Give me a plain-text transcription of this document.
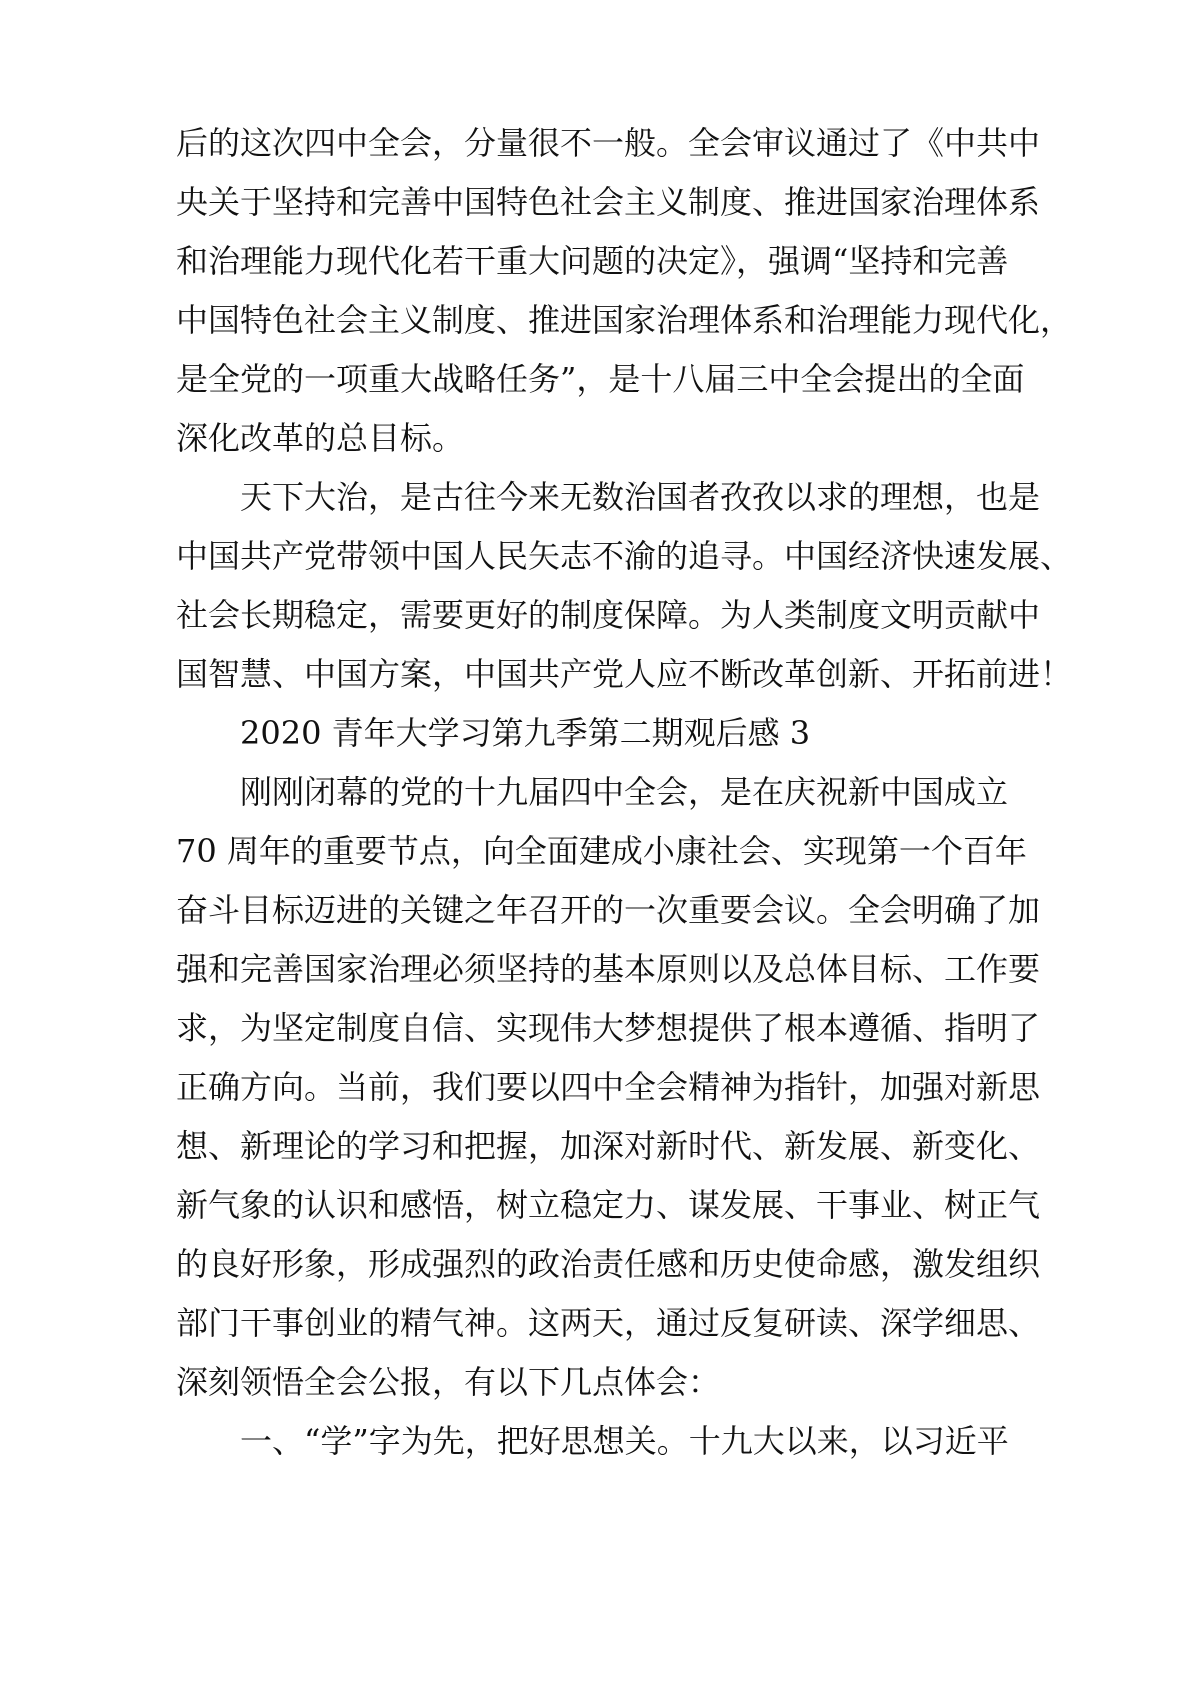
后的这次四中全会，分量很不一般。全会审议通过了《中共中
央关于坚持和完善中国特色社会主义制度、推进国家治理体系
和治理能力现代化若干重大问题的决定》，强调“坚持和完善
中国特色社会主义制度、推进国家治理体系和治理能力现代化，
是全党的一项重大战略任务”，是十八届三中全会提出的全面
深化改革的总目标。
天下大治，是古往今来无数治国者孜孜以求的理想，也是
中国共产党带领中国人民矢志不渝的追寻。中国经济快速发展、
社会长期稳定，需要更好的制度保障。为人类制度文明贡献中
国智慧、中国方案，中国共产党人应不断改革创新、开拓前进！
2020 青年大学习第九季第二期观后感 3
刚刚闭幕的党的十九届四中全会，是在庆祝新中国成立
70 周年的重要节点，向全面建成小康社会、实现第一个百年
奋斗目标迈进的关键之年召开的一次重要会议。全会明确了加
强和完善国家治理必须坚持的基本原则以及总体目标、工作要
求，为坚定制度自信、实现伟大梦想提供了根本遵循、指明了
正确方向。当前，我们要以四中全会精神为指针，加强对新思
想、新理论的学习和把握，加深对新时代、新发展、新变化、
新气象的认识和感悟，树立稳定力、谋发展、干事业、树正气
的良好形象，形成强烈的政治责任感和历史使命感，激发组织
部门干事创业的精气神。这两天，通过反复研读、深学细思、
深刻领悟全会公报，有以下几点体会：
一、“学”字为先，把好思想关。十九大以来，以习近平
